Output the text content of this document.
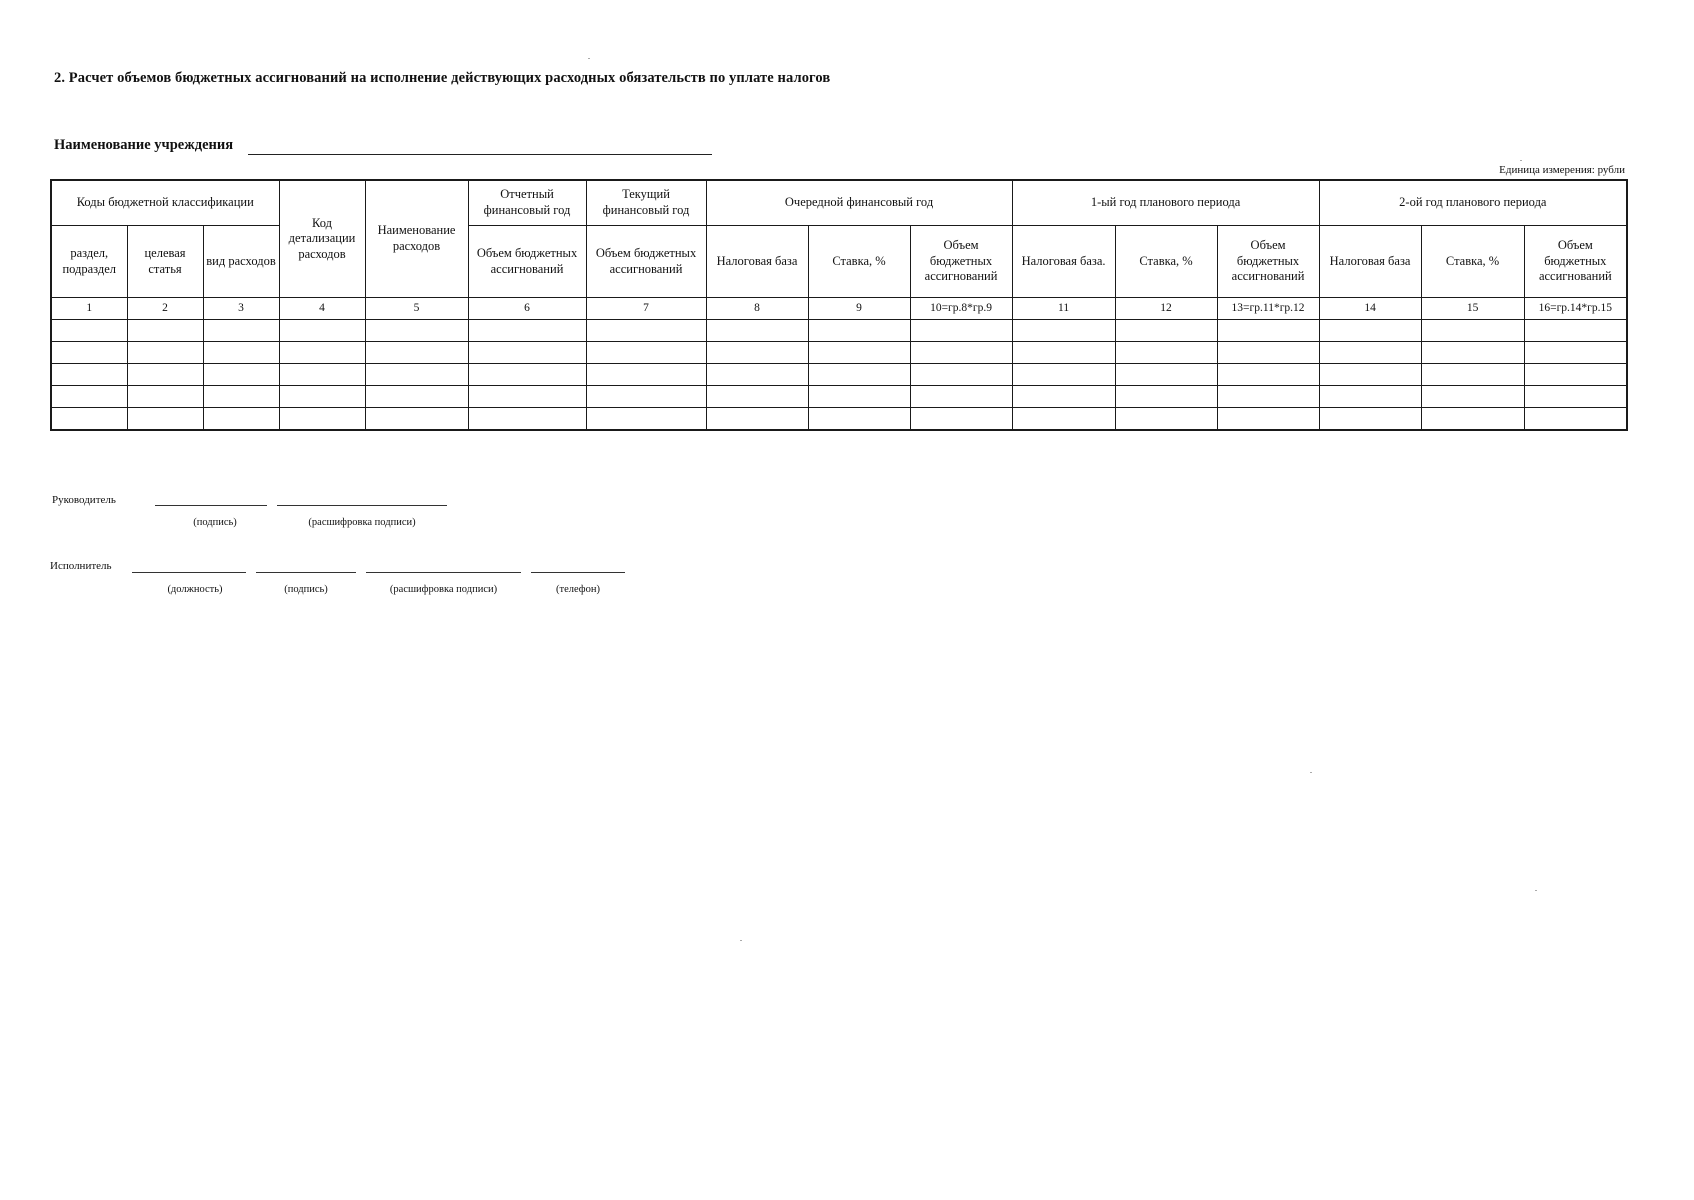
2. Расчет объемов бюджетных ассигнований на исполнение действующих расходных обязательств по уплате налогов
Наименование учреждения
Единица измерения: рубли
Коды бюджетной классификации			Код детализации расходов	Наименование расходов	Отчетный финансовый год	Текущий финансовый год	Очередной финансовый год			1-ый год планового периода			2-ой год планового периода		
раздел, подраздел	целевая статья	вид расходов			Объем бюджетных ассигнований	Объем бюджетных ассигнований	Налоговая база	Ставка, %	Объем бюджетных ассигнований	Налоговая база.	Ставка, %	Объем бюджетных ассигнований	Налоговая база	Ставка, %	Объем бюджетных ассигнований
1	2	3	4	5	6	7	8	9	10=гр.8*гр.9	11	12	13=гр.11*гр.12	14	15	16=гр.14*гр.15

Руководитель
(подпись)	(расшифровка подписи)
Исполнитель
(должность)	(подпись)	(расшифровка подписи)	(телефон)
